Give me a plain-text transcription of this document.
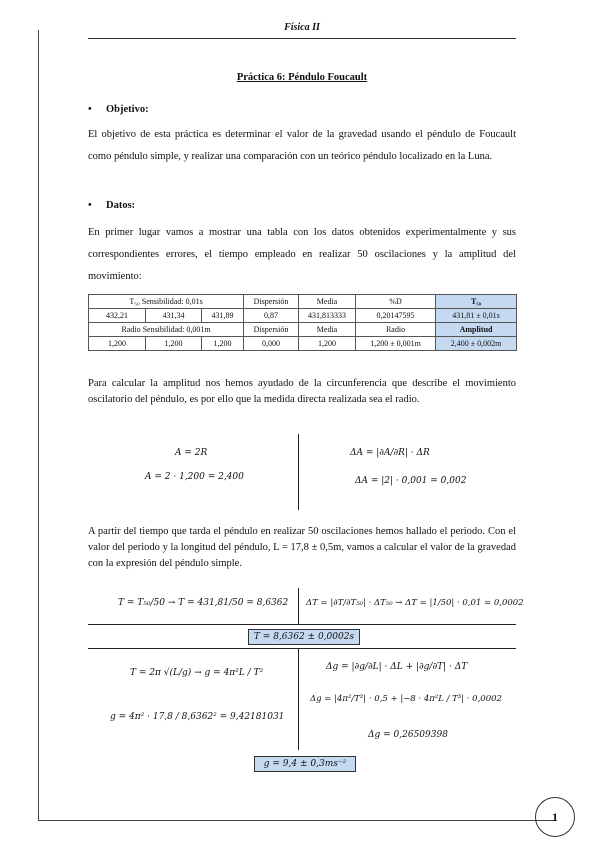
Física II
Práctica 6: Péndulo Foucault
• Objetivo:
El objetivo de esta práctica es determinar el valor de la gravedad usando el péndulo de Foucault como péndulo simple, y realizar una comparación con un teórico péndulo localizado en la Luna.
• Datos:
En primer lugar vamos a mostrar una tabla con los datos obtenidos experimentalmente y sus correspondientes errores, el tiempo empleado en realizar 50 oscilaciones y la amplitud del movimiento:
T₅₀ Sensibilidad: 0,01s			Dispersión	Media	%D	T₅₀
432,21	431,34	431,89	0,87	431,813333	0,20147595	431,81 ± 0,01s
Radio Sensibilidad: 0,001m			Dispersión	Media	Radio	Amplitud
1,200	1,200	1,200	0,000	1,200	1,200 ± 0,001m	2,400 ± 0,002m
Para calcular la amplitud nos hemos ayudado de la circunferencia que describe el movimiento oscilatorio del péndulo, es por ello que la medida directa realizada sea el radio.
A = 2R
A = 2 · 1,200 = 2,400
ΔA = |∂A/∂R| · ΔR
ΔA = |2| · 0,001 = 0,002
A partir del tiempo que tarda el péndulo en realizar 50 oscilaciones hemos hallado el periodo. Con el valor del periodo y la longitud del péndulo, L = 17,8 ± 0,5m, vamos a calcular el valor de la gravedad con la expresión del péndulo simple.
T = T₅₀/50 → T = 431,81/50 = 8,6362 ΔT = |∂T/∂T₅₀| · ΔT₅₀ → ΔT = |1/50| · 0,01 = 0,0002
T = 8,6362 ± 0,0002s
T = 2π √(L/g) → g = 4π²L / T²
g = 4π² · 17,8 / 8,6362² = 9,42181031
Δg = |∂g/∂L| · ΔL + |∂g/∂T| · ΔT
Δg = |4π²/T²| · 0,5 + |−8 · 4π²L / T³| · 0,0002
Δg = 0,26509398
g = 9,4 ± 0,3ms⁻²
1
